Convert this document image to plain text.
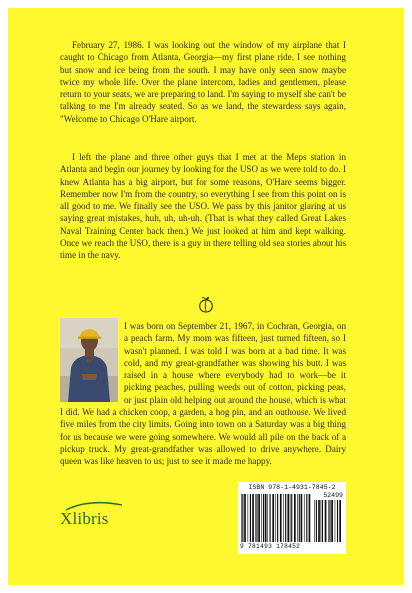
February 27, 1986. I was looking out the window of my airplane that I caught to Chicago from Atlanta, Georgia—my first plane ride. I see nothing but snow and ice being from the south. I may have only seen snow maybe twice my whole life. Over the plane intercom, ladies and gentlemen, please return to your seats, we are preparing to land. I'm saying to myself she can't be talking to me I'm already seated. So as we land, the stewardess says again, "Welcome to Chicago O'Hare airport.

I left the plane and three other guys that I met at the Meps station in Atlanta and begin our journey by looking for the USO as we were told to do. I knew Atlanta has a big airport, but for some reasons, O'Hare seems bigger. Remember now I'm from the country, so everything I see from this point on is all good to me. We finally see the USO. We pass by this janitor glaring at us saying great mistakes, huh, uh, uh-uh. (That is what they called Great Lakes Naval Training Center back then.) We just looked at him and kept walking. Once we reach the USO, there is a guy in there telling old sea stories about his time in the navy.

I was born on September 21, 1967, in Cochran, Georgia, on a peach farm. My mom was fifteen, just turned fifteen, so I wasn't planned. I was told I was born at a bad time. It was cold, and my great-grandfather was showing his butt. I was raised in a house where everybody had to work—be it picking peaches, pulling weeds out of cotton, picking peas, or just plain old helping out around the house, which is what I did. We had a chicken coop, a garden, a hog pin, and an outhouse. We lived five miles from the city limits. Going into town on a Saturday was a big thing for us because we were going somewhere. We would all pile on the back of a pickup truck. My great-grandfather was allowed to drive anywhere. Dairy queen was like heaven to us; just to see it made me happy.

Xlibris
ISBN 978-1-4931-7845-2
52499
9 781493 178452
